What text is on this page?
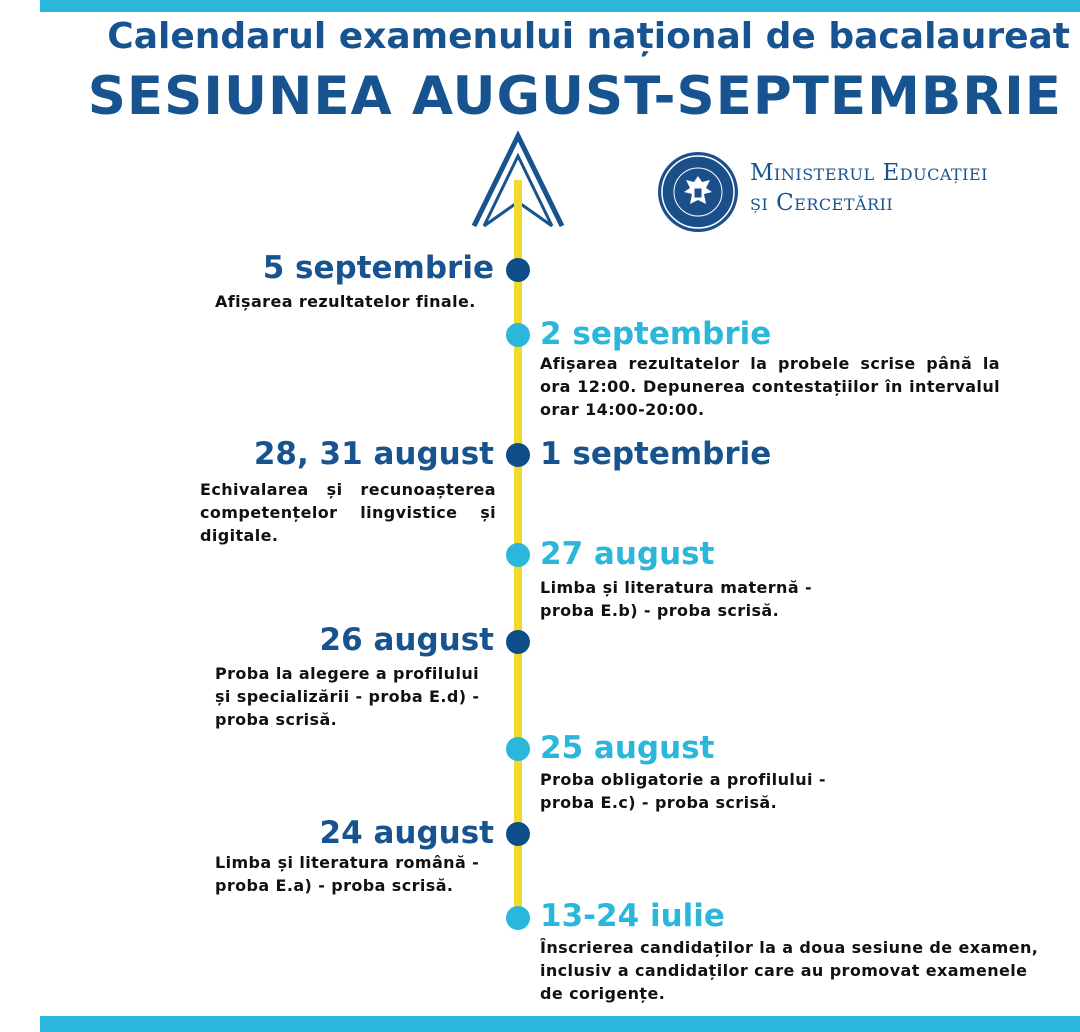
Calendarul examenului național de bacalaureat
SESIUNEA AUGUST-SEPTEMBRIE
Ministerul Educației
și Cercetării
5 septembrie
Afișarea rezultatelor finale.
2 septembrie
Afișarea rezultatelor la probele scrise până la ora 12:00. Depunerea contestațiilor în intervalul orar 14:00-20:00.
28, 31 august 1 septembrie
Echivalarea și recunoașterea competențelor lingvistice și digitale.
27 august
Limba și literatura maternă - proba E.b) - proba scrisă.
26 august
Proba la alegere a profilului și specializării - proba E.d) - proba scrisă.
25 august
Proba obligatorie a profilului - proba E.c) - proba scrisă.
24 august
Limba și literatura română - proba E.a) - proba scrisă.
13-24 iulie
Înscrierea candidaților la a doua sesiune de examen, inclusiv a candidaților care au promovat examenele de corigențe.
